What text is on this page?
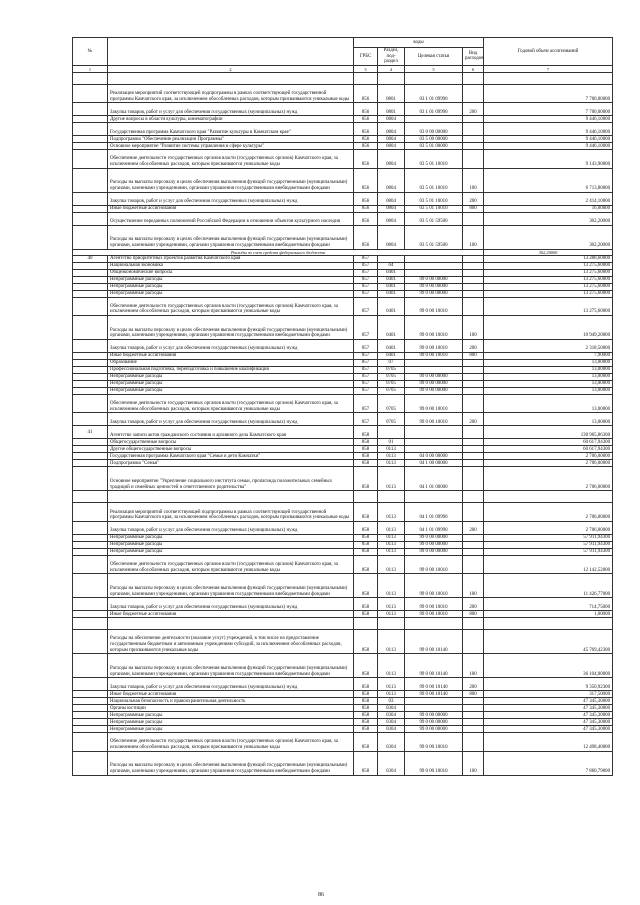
№		коды				Годовой объем ассигнований
		ГРБС	Раздел, под-раздел	Целевая статья	Вид расходов	
1	2	3	4	5	6	7

	Реализация мероприятий соответствующей подпрограммы в рамках соответствующей государственной программы Камчатского края, за исключением обособленных расходов, которым присваиваются уникальные коды	856	0801	03 1 01 09990		7 700,00000
	Закупка товаров, работ и услуг для обеспечения государственных (муниципальных) нужд	856	0801	03 1 01 09990	200	7 700,00000
	Другие вопросы в области культуры, кинематографии	856	0804			9 446,10000
	Государственная программа Камчатского края "Развитие культуры в Камчатском крае"	856	0804	03 0 00 00000		9 446,10000
	Подпрограмма "Обеспечение реализации Программы"	856	0804	03 5 00 00000		9 446,10000
	Основное мероприятие "Развитие системы управления в сфере культуры"	856	0804	03 5 01 00000		9 446,10000
	Обеспечение деятельности государственных органов власти (государственных органов) Камчатского края, за исключением обособленных расходов, которым присваиваются уникальные коды	856	0804	03 5 01 10010		9 143,90000
	Расходы на выплаты персоналу в целях обеспечения выполнения функций государственными (муниципальными) органами, казенными учреждениями, органами управления государственными внебюджетными фондами	856	0804	03 5 01 10010	100	6 713,80000
	Закупка товаров, работ и услуг для обеспечения государственных (муниципальных) нужд	856	0804	03 5 01 10010	200	2 414,10000
	Иные бюджетные ассигнования	856	0804	03 5 01 10010	800	16,00000
	Осуществление переданных полномочий Российской Федерации в отношении объектов культурного наследия	856	0804	03 5 01 59500		302,20000
	Расходы на выплаты персоналу в целях обеспечения выполнения функций государственными (муниципальными) органами, казенными учреждениями, органами управления государственными внебюджетными фондами	856	0804	03 5 01 59500	100	302,20000
Расходы за счет средств федерального бюджета						302,20000
40	Агентство приоритетных проектов развития Камчатского края	857				13 288,60000
	Национальная экономика	857	04			13 275,60000
	Общеэкономические вопросы	857	0401			13 275,60000
	Непрограммные расходы	857	0401	99 0 00 00000		13 275,60000
	Непрограммные расходы	857	0401	99 0 00 00000		13 275,60000
	Непрограммные расходы	857	0401	99 0 00 00000		13 275,60000
	Обеспечение деятельности государственных органов власти (государственных органов) Камчатского края, за исключением обособленных расходов, которым присваиваются уникальные коды	857	0401	99 0 00 10010		13 275,60000
	Расходы на выплаты персоналу в целях обеспечения выполнения функций государственными (муниципальными) органами, казенными учреждениями, органами управления государственными внебюджетными фондами	857	0401	99 0 00 10010	100	10 949,20000
	Закупка товаров, работ и услуг для обеспечения государственных (муниципальных) нужд	857	0401	99 0 00 10010	200	2 318,50000
	Иные бюджетные ассигнования	857	0401	99 0 00 10010	800	7,90000
	Образование	857	07			13,00000
	Профессиональная подготовка, переподготовка и повышение квалификации	857	0705			13,00000
	Непрограммные расходы	857	0705	99 0 00 00000		13,00000
	Непрограммные расходы	857	0705	99 0 00 00000		13,00000
	Непрограммные расходы	857	0705	99 0 00 00000		13,00000
	Обеспечение деятельности государственных органов власти (государственных органов) Камчатского края, за исключением обособленных расходов, которым присваиваются уникальные коды	857	0705	99 0 00 10010		13,00000
	Закупка товаров, работ и услуг для обеспечения государственных (муниципальных) нужд	857	0705	99 0 00 10010	200	13,00000
41	Агентство записи актов гражданского состояния и архивного дела Камчатского края	858				130 965,86300
	Общегосударственные вопросы	858	01			60 617,94300
	Другие общегосударственные вопросы	858	0113			60 617,94300
	Государственная программа Камчатского края "Семья и дети Камчатки"	858	0113	04 0 00 00000		2 706,00000
	Подпрограмма "Семья"	858	0113	04 1 00 00000		2 706,00000
	Основное мероприятие "Укрепление социального института семьи, пропаганда положительных семейных традиций и семейных ценностей и ответственного родительства"	858	0113	04 1 01 00000		2 706,00000

	Реализация мероприятий соответствующей подпрограммы в рамках соответствующей государственной программы Камчатского края, за исключением обособленных расходов, которым присваиваются уникальные коды	858	0113	04 1 01 09990		2 706,00000
	Закупка товаров, работ и услуг для обеспечения государственных (муниципальных) нужд	858	0113	04 1 01 09990	200	2 706,00000
	Непрограммные расходы	858	0113	99 0 00 00000		57 911,94300
	Непрограммные расходы	858	0113	99 0 00 00000		57 911,94300
	Непрограммные расходы	858	0113	99 0 00 00000		57 911,94300
	Обеспечение деятельности государственных органов власти (государственных органов) Камчатского края, за исключением обособленных расходов, которым присваиваются уникальные коды	858	0113	99 0 00 10010		12 142,52000
	Расходы на выплаты персоналу в целях обеспечения выполнения функций государственными (муниципальными) органами, казенными учреждениями, органами управления государственными внебюджетными фондами	858	0113	99 0 00 10010	100	11 426,77000
	Закупка товаров, работ и услуг для обеспечения государственных (муниципальных) нужд	858	0113	99 0 00 10010	200	714,75000
	Иные бюджетные ассигнования	858	0113	99 0 00 10010	800	1,00000

	Расходы на обеспечение деятельности (оказание услуг) учреждений, в том числе на предоставление государственным бюджетным и автономным учреждениям субсидий, за исключением обособленных расходов, которым присваиваются уникальные коды	858	0113	99 0 00 10140		45 769,42300
	Расходы на выплаты персоналу в целях обеспечения выполнения функций государственными (муниципальными) органами, казенными учреждениями, органами управления государственными внебюджетными фондами	858	0113	99 0 00 10140	100	36 104,00000
	Закупка товаров, работ и услуг для обеспечения государственных (муниципальных) нужд	858	0113	99 0 00 10140	200	9 350,92300
	Иные бюджетные ассигнования	858	0113	99 0 00 10140	800	317,50000
	Национальная безопасность и правоохранительная деятельность	858	03			47 345,30000
	Органы юстиции	858	0304			47 345,30000
	Непрограммные расходы	858	0304	99 0 00 00000		47 345,30000
	Непрограммные расходы	858	0304	99 0 00 00000		47 345,30000
	Непрограммные расходы	858	0304	99 0 00 00000		47 345,30000
	Обеспечение деятельности государственных органов власти (государственных органов) Камчатского края, за исключением обособленных расходов, которым присваиваются уникальные коды	858	0304	99 0 00 10010		12 498,40000
	Расходы на выплаты персоналу в целях обеспечения выполнения функций государственными (муниципальными) органами, казенными учреждениями, органами управления государственными внебюджетными фондами	858	0304	99 0 00 10010	100	7 860,79000
86
